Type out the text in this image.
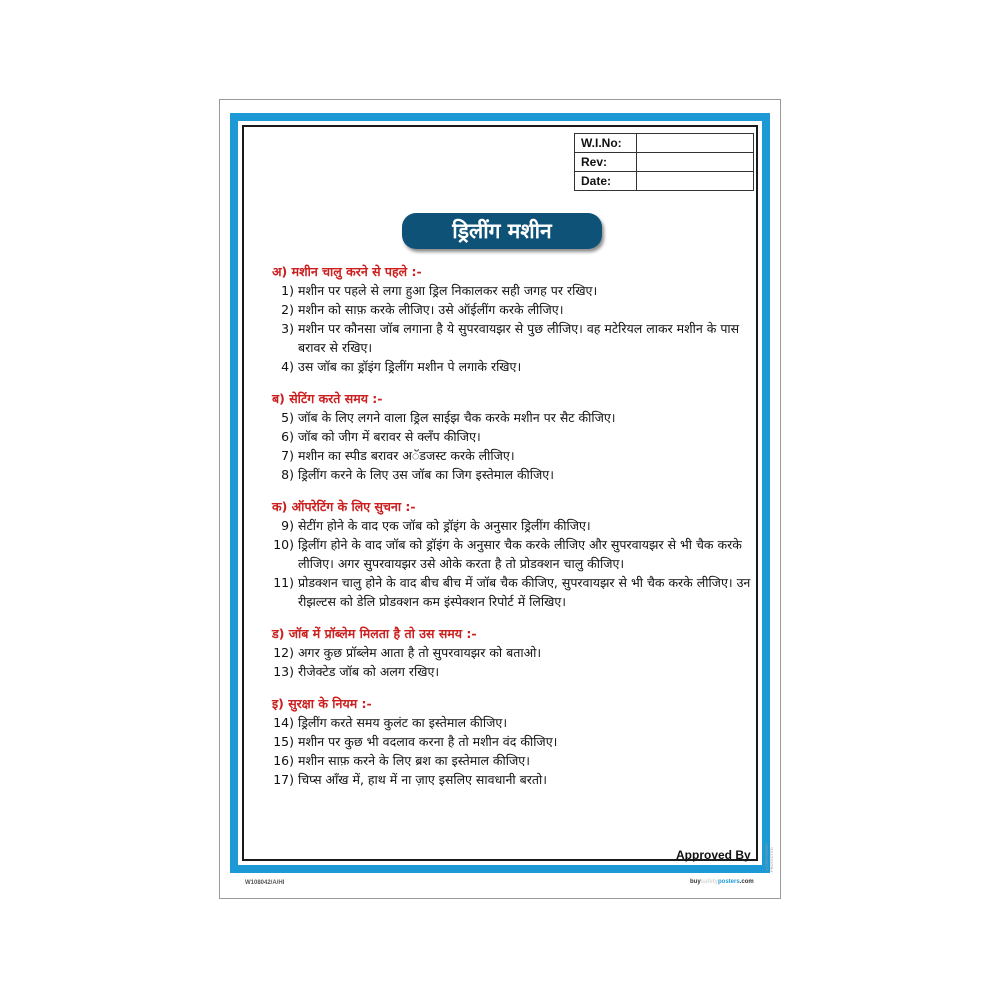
W.I.No:	
Rev:	
Date:	
ड्रिलींग मशीन
अ) मशीन चालु करने से पहले :-
1) मशीन पर पहले से लगा हुआ ड्रिल निकालकर सही जगह पर रखिए।
2) मशीन को साफ़ करके लीजिए। उसे ऑईलींग करके लीजिए।
3) मशीन पर कौनसा जॉब लगाना है ये सुपरवायझर से पुछ लीजिए। वह मटेरियल लाकर मशीन के पास बरावर से रखिए।
4) उस जॉब का ड्रॉइंग ड्रिलींग मशीन पे लगाके रखिए।
ब) सेटिंग करते समय :-
5) जॉब के लिए लगने वाला ड्रिल साईझ चैक करके मशीन पर सैट कीजिए।
6) जॉब को जीग में बरावर से क्लॅंप कीजिए।
7) मशीन का स्पीड बरावर अॅडजस्ट करके लीजिए।
8) ड्रिलींग करने के लिए उस जॉब का जिग इस्तेमाल कीजिए।
क) ऑपरेटिंग के लिए सुचना :-
9) सेटींग होने के वाद एक जॉब को ड्रॉइंग के अनुसार ड्रिलींग कीजिए।
10) ड्रिलींग होने के वाद जॉब को ड्रॉइंग के अनुसार चैक करके लीजिए और सुपरवायझर से भी चैक करके लीजिए। अगर सुपरवायझर उसे ओके करता है तो प्रोडक्शन चालु कीजिए।
11) प्रोडक्शन चालु होने के वाद बीच बीच में जॉब चैक कीजिए, सुपरवायझर से भी चैक करके लीजिए। उन रीझल्टस को डेलि प्रोडक्शन कम इंस्पेक्शन रिपोर्ट में लिखिए।
ड) जॉब में प्रॉब्लेम मिलता है तो उस समय :-
12) अगर कुछ प्रॉब्लेम आता है तो सुपरवायझर को बताओ।
13) रीजेक्टेड जॉब को अलग रखिए।
इ) सुरक्षा के नियम :-
14) ड्रिलींग करते समय कुलंट का इस्तेमाल कीजिए।
15) मशीन पर कुछ भी वदलाव करना है तो मशीन वंद कीजिए।
16) मशीन साफ़ करने के लिए ब्रश का इस्तेमाल कीजिए।
17) चिप्स आँख में, हाथ में ना ज़ाए इसलिए सावधानी बरतो।
Approved By
W108042/A/HI	buysafetyposters.com
©COPYRIGHT PROTECTED
